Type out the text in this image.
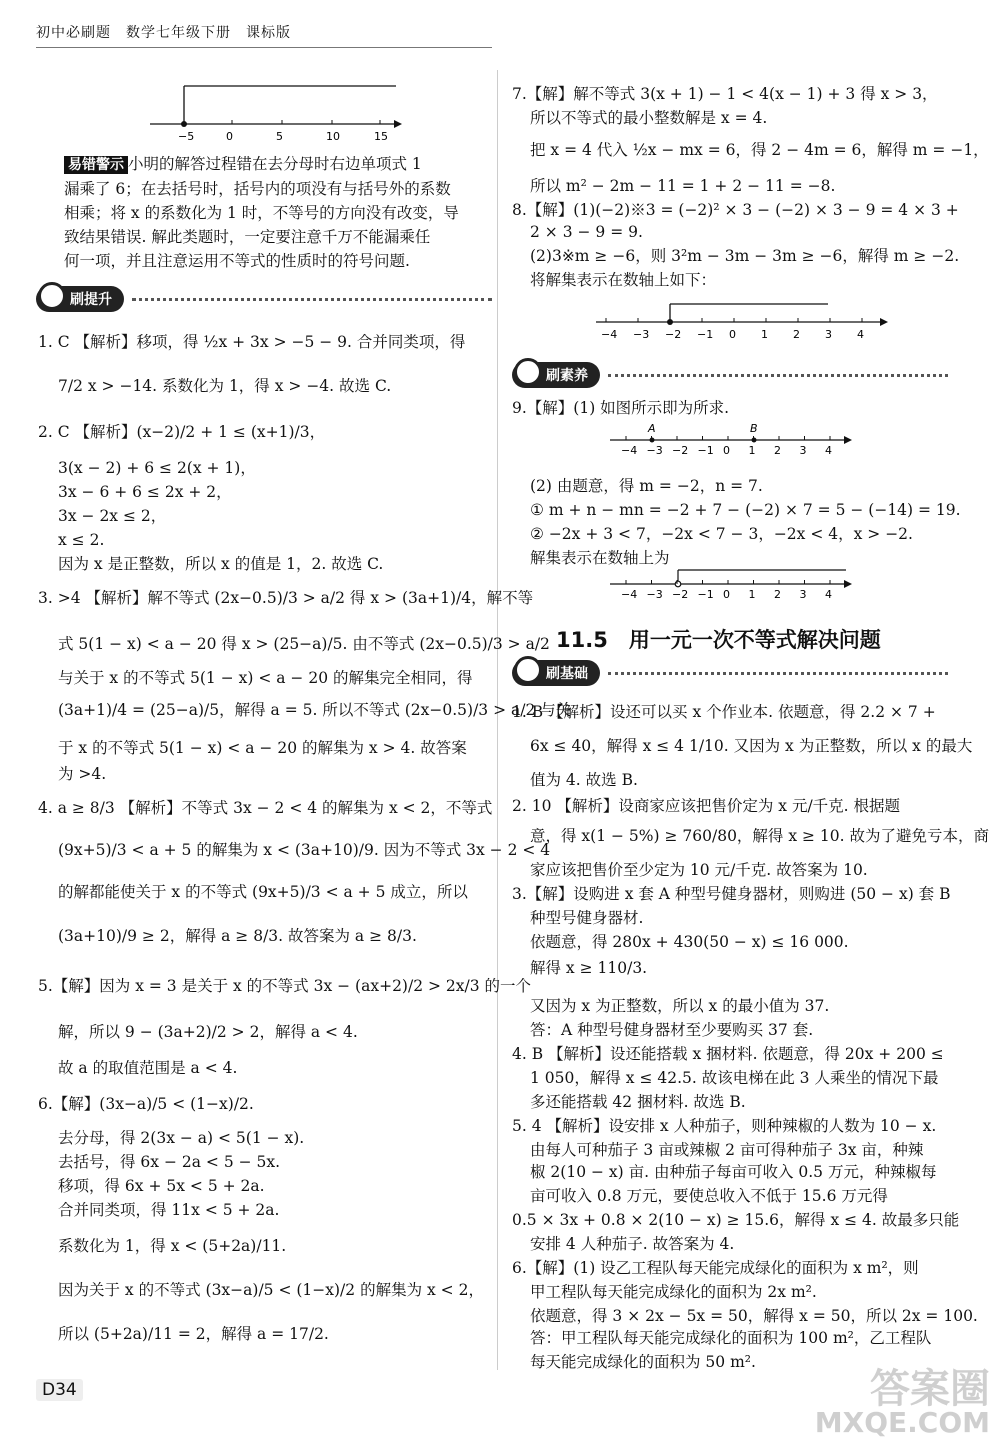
初中必刷题　数学七年级下册　课标版
−5	0	5	10	15
易错警示 小明的解答过程错在去分母时右边单项式 1
漏乘了 6；在去括号时，括号内的项没有与括号外的系数
相乘；将 x 的系数化为 1 时，不等号的方向没有改变，导
致结果错误. 解此类题时，一定要注意千万不能漏乘任
何一项，并且注意运用不等式的性质时的符号问题.
刷提升
1. C 【解析】移项，得 ½x + 3x > −5 − 9. 合并同类项，得
7/2 x > −14. 系数化为 1，得 x > −4. 故选 C.
2. C 【解析】(x−2)/2 + 1 ≤ (x+1)/3，
3(x − 2) + 6 ≤ 2(x + 1)，
3x − 6 + 6 ≤ 2x + 2，
3x − 2x ≤ 2，
x ≤ 2.
因为 x 是正整数，所以 x 的值是 1，2. 故选 C.
3. >4 【解析】解不等式 (2x−0.5)/3 > a/2 得 x > (3a+1)/4，解不等
式 5(1 − x) < a − 20 得 x > (25−a)/5. 由不等式 (2x−0.5)/3 > a/2
与关于 x 的不等式 5(1 − x) < a − 20 的解集完全相同，得
(3a+1)/4 = (25−a)/5，解得 a = 5. 所以不等式 (2x−0.5)/3 > a/2 与关
于 x 的不等式 5(1 − x) < a − 20 的解集为 x > 4. 故答案
为 >4.
4. a ≥ 8/3 【解析】不等式 3x − 2 < 4 的解集为 x < 2，不等式
(9x+5)/3 < a + 5 的解集为 x < (3a+10)/9. 因为不等式 3x − 2 < 4
的解都能使关于 x 的不等式 (9x+5)/3 < a + 5 成立，所以
(3a+10)/9 ≥ 2，解得 a ≥ 8/3. 故答案为 a ≥ 8/3.
5.【解】因为 x = 3 是关于 x 的不等式 3x − (ax+2)/2 > 2x/3 的一个
解，所以 9 − (3a+2)/2 > 2，解得 a < 4.
故 a 的取值范围是 a < 4.
6.【解】(3x−a)/5 < (1−x)/2.
去分母，得 2(3x − a) < 5(1 − x).
去括号，得 6x − 2a < 5 − 5x.
移项，得 6x + 5x < 5 + 2a.
合并同类项，得 11x < 5 + 2a.
系数化为 1，得 x < (5+2a)/11.
因为关于 x 的不等式 (3x−a)/5 < (1−x)/2 的解集为 x < 2，
所以 (5+2a)/11 = 2，解得 a = 17/2.
7.【解】解不等式 3(x + 1) − 1 < 4(x − 1) + 3 得 x > 3，
所以不等式的最小整数解是 x = 4.
把 x = 4 代入 ½x − mx = 6，得 2 − 4m = 6，解得 m = −1，
所以 m² − 2m − 11 = 1 + 2 − 11 = −8.
8.【解】(1)(−2)※3 = (−2)² × 3 − (−2) × 3 − 9 = 4 × 3 +
2 × 3 − 9 = 9.
(2)3※m ≥ −6，则 3²m − 3m − 3m ≥ −6，解得 m ≥ −2.
将解集表示在数轴上如下：
−4 −3 −2 −1 0 1 2 3 4
刷素养
9.【解】(1) 如图所示即为所求.
(2) 由题意，得 m = −2，n = 7.
① m + n − mn = −2 + 7 − (−2) × 7 = 5 − (−14) = 19.
② −2x + 3 < 7，−2x < 7 − 3，−2x < 4，x > −2.
解集表示在数轴上为
−4 −3 −2 −1 0 1 2 3 4
A	B
−4 −3 −2 −1 0 1 2 3 4
11.5　用一元一次不等式解决问题
刷基础
1. B 【解析】设还可以买 x 个作业本. 依题意，得 2.2 × 7 +
6x ≤ 40，解得 x ≤ 4 1/10. 又因为 x 为正整数，所以 x 的最大
值为 4. 故选 B.
2. 10 【解析】设商家应该把售价定为 x 元/千克. 根据题
意，得 x(1 − 5%) ≥ 760/80，解得 x ≥ 10. 故为了避免亏本，商
家应该把售价至少定为 10 元/千克. 故答案为 10.
3.【解】设购进 x 套 A 种型号健身器材，则购进 (50 − x) 套 B
种型号健身器材.
依题意，得 280x + 430(50 − x) ≤ 16 000.
解得 x ≥ 110/3.
又因为 x 为正整数，所以 x 的最小值为 37.
答：A 种型号健身器材至少要购买 37 套.
4. B 【解析】设还能搭载 x 捆材料. 依题意，得 20x + 200 ≤
1 050，解得 x ≤ 42.5. 故该电梯在此 3 人乘坐的情况下最
多还能搭载 42 捆材料. 故选 B.
5. 4 【解析】设安排 x 人种茄子，则种辣椒的人数为 10 − x.
由每人可种茄子 3 亩或辣椒 2 亩可得种茄子 3x 亩，种辣
椒 2(10 − x) 亩. 由种茄子每亩可收入 0.5 万元，种辣椒每
亩可收入 0.8 万元，要使总收入不低于 15.6 万元得
0.5 × 3x + 0.8 × 2(10 − x) ≥ 15.6，解得 x ≤ 4. 故最多只能
安排 4 人种茄子. 故答案为 4.
6.【解】(1) 设乙工程队每天能完成绿化的面积为 x m²，则
甲工程队每天能完成绿化的面积为 2x m².
依题意，得 3 × 2x − 5x = 50，解得 x = 50，所以 2x = 100.
答：甲工程队每天能完成绿化的面积为 100 m²，乙工程队
每天能完成绿化的面积为 50 m².
D34	答案圈
MXQE.COM
